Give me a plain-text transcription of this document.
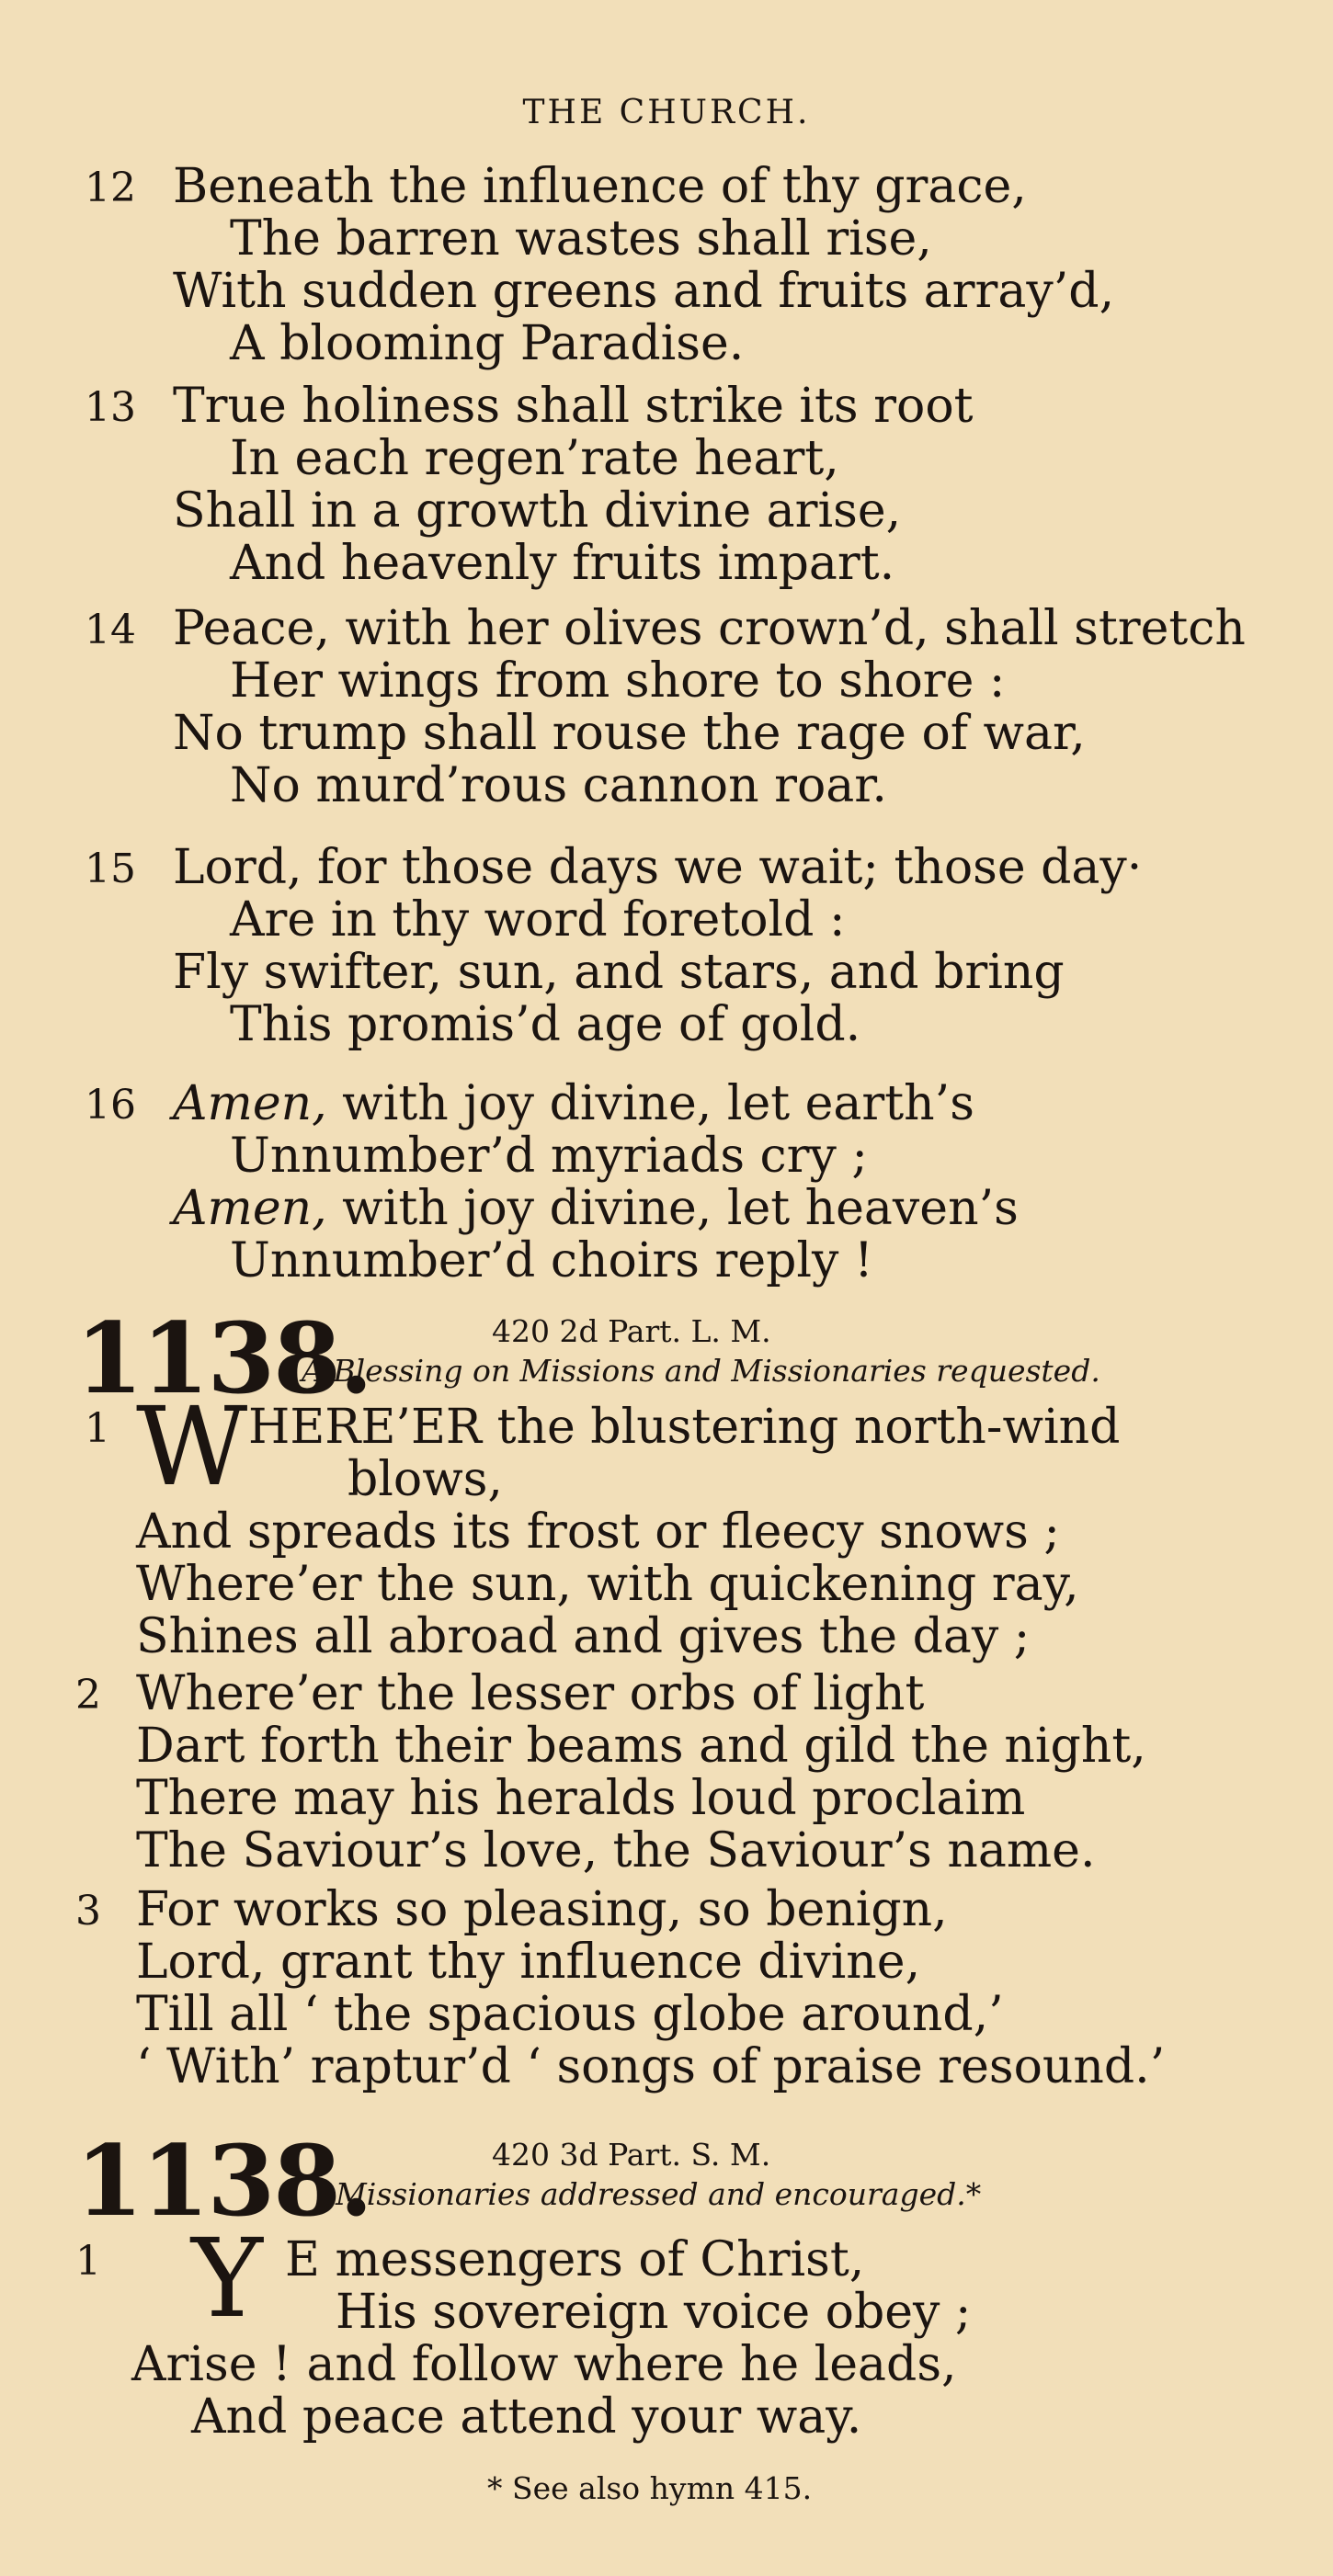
THE CHURCH.
12 Beneath the influence of thy grace,
The barren wastes shall rise,
With sudden greens and fruits array’d,
A blooming Paradise.
13 True holiness shall strike its root
In each regen’rate heart,
Shall in a growth divine arise,
And heavenly fruits impart.
14 Peace, with her olives crown’d, shall stretch
Her wings from shore to shore :
No trump shall rouse the rage of war,
No murd’rous cannon roar.
15 Lord, for those days we wait; those day·
Are in thy word foretold :
Fly swifter, sun, and stars, and bring
This promis’d age of gold.
16 Amen, with joy divine, let earth’s
Unnumber’d myriads cry ;
Amen, with joy divine, let heaven’s
Unnumber’d choirs reply !
1138.	420 2d Part. L. M.
A Blessing on Missions and Missionaries requested.
1 W HERE’ER the blustering north-wind
blows,
And spreads its frost or fleecy snows ;
Where’er the sun, with quickening ray,
Shines all abroad and gives the day ;
2 Where’er the lesser orbs of light
Dart forth their beams and gild the night,
There may his heralds loud proclaim
The Saviour’s love, the Saviour’s name.
3 For works so pleasing, so benign,
Lord, grant thy influence divine,
Till all ‘ the spacious globe around,’
‘ With’ raptur’d ‘ songs of praise resound.’
1138.	420 3d Part. S. M.
Missionaries addressed and encouraged.*
1 Y E messengers of Christ,
His sovereign voice obey ;
Arise ! and follow where he leads,
And peace attend your way.
* See also hymn 415.
